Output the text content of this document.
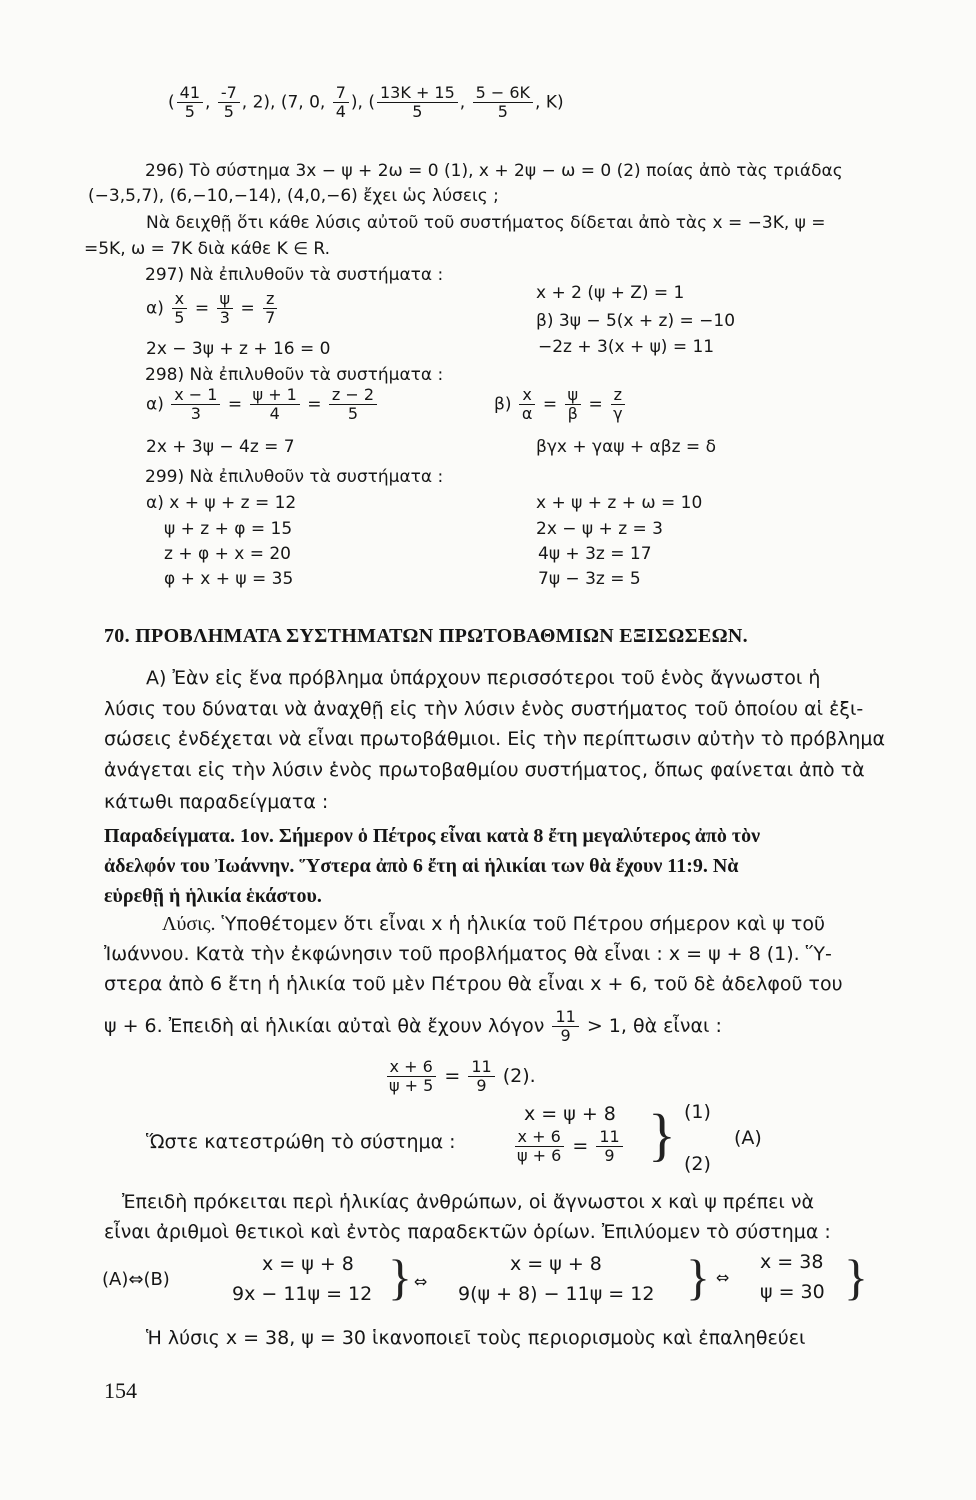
( $\frac{41}{5}$ , $\frac{-7}{5}$ , 2), (7, 0, $\frac{7}{4}$ ), ( $\frac{13K + 15}{5}$ , $\frac{5 - 6K}{5}$ , K)
296) Τὸ σύστημα 3x − ψ + 2ω = 0 (1), x + 2ψ − ω = 0 (2) ποίας ἀπὸ τὰς τριάδας
(−3,5,7), (6,−10,−14), (4,0,−6) ἔχει ὡς λύσεις ;
Νὰ δειχθῇ ὅτι κάθε λύσις αὐτοῦ τοῦ συστήματος δίδεται ἀπὸ τὰς x = −3K, ψ =
=5K, ω = 7K διὰ κάθε K ∈ R.
297) Νὰ ἐπιλυθοῦν τὰ συστήματα :
$\alpha) \frac{x}{5} = \frac{\psi}{3} = \frac{z}{7}$
2x − 3ψ + z + 16 = 0
x + 2 (ψ + Z) = 1
β) 3ψ − 5(x + z) = −10
−2z + 3(x + ψ) = 11
298) Νὰ ἐπιλυθοῦν τὰ συστήματα :
$\alpha) \frac{x - 1}{3} = \frac{\psi + 1}{4} = \frac{z - 2}{5}$
2x + 3ψ − 4z = 7
$\beta) \frac{x}{\alpha} = \frac{\psi}{\beta} = \frac{z}{\gamma}$
βγx + γαψ + αβz = δ
299) Νὰ ἐπιλυθοῦν τὰ συστήματα :
α) x + ψ + z = 12
ψ + z + φ = 15
z + φ + x = 20
φ + x + ψ = 35
x + ψ + z + ω = 10
2x − ψ + z = 3
4ψ + 3z = 17
7ψ − 3z = 5
70. ΠΡΟΒΛΗΜΑΤΑ ΣΥΣΤΗΜΑΤΩΝ ΠΡΩΤΟΒΑΘΜΙΩΝ ΕΞΙΣΩΣΕΩΝ.
Α) Ἐὰν εἰς ἕνα πρόβλημα ὑπάρχουν περισσότεροι τοῦ ἑνὸς ἄγνωστοι ἡ
λύσις του δύναται νὰ ἀναχθῇ εἰς τὴν λύσιν ἑνὸς συστήματος τοῦ ὁποίου αἱ ἐξι-
σώσεις ἐνδέχεται νὰ εἶναι πρωτοβάθμιοι. Εἰς τὴν περίπτωσιν αὐτὴν τὸ πρόβλημα
ἀνάγεται εἰς τὴν λύσιν ἑνὸς πρωτοβαθμίου συστήματος, ὅπως φαίνεται ἀπὸ τὰ
κάτωθι παραδείγματα :
Παραδείγματα. 1ον. Σήμερον ὁ Πέτρος εἶναι κατὰ 8 ἔτη μεγαλύτερος ἀπὸ τὸν
ἀδελφόν του Ἰωάννην. Ὕστερα ἀπὸ 6 ἔτη αἱ ἡλικίαι των θὰ ἔχουν 11:9. Νὰ
εὑρεθῇ ἡ ἡλικία ἑκάστου.
Λύσις. Ὑποθέτομεν ὅτι εἶναι x ἡ ἡλικία τοῦ Πέτρου σήμερον καὶ ψ τοῦ
Ἰωάννου. Κατὰ τὴν ἐκφώνησιν τοῦ προβλήματος θὰ εἶναι : x = ψ + 8 (1). Ὕ-
στερα ἀπὸ 6 ἔτη ἡ ἡλικία τοῦ μὲν Πέτρου θὰ εἶναι x + 6, τοῦ δὲ ἀδελφοῦ του
ψ + 6. Ἐπειδὴ αἱ ἡλικίαι αὐταὶ θὰ ἔχουν λόγον $\frac{11}{9} > 1$, θὰ εἶναι :
$\frac{x + 6}{\psi + 5} = \frac{11}{9} (2)$.
Ὥστε κατεστρώθη τὸ σύστημα :
x = ψ + 8
$\frac{x + 6}{\psi + 6} = \frac{11}{9}$ } (1)
(2)
(A)
Ἐπειδὴ πρόκειται περὶ ἡλικίας ἀνθρώπων, οἱ ἄγνωστοι x καὶ ψ πρέπει νὰ
εἶναι ἀριθμοὶ θετικοὶ καὶ ἐντὸς παραδεκτῶν ὁρίων. Ἐπιλύομεν τὸ σύστημα :
(A)⇔(B)
x = ψ + 8
9x − 11ψ = 12 } ⇔
x = ψ + 8
9(ψ + 8) − 11ψ = 12 } ⇔
x = 38
ψ = 30 }
Ἡ λύσις x = 38, ψ = 30 ἱκανοποιεῖ τοὺς περιορισμοὺς καὶ ἐπαληθεύει
154
